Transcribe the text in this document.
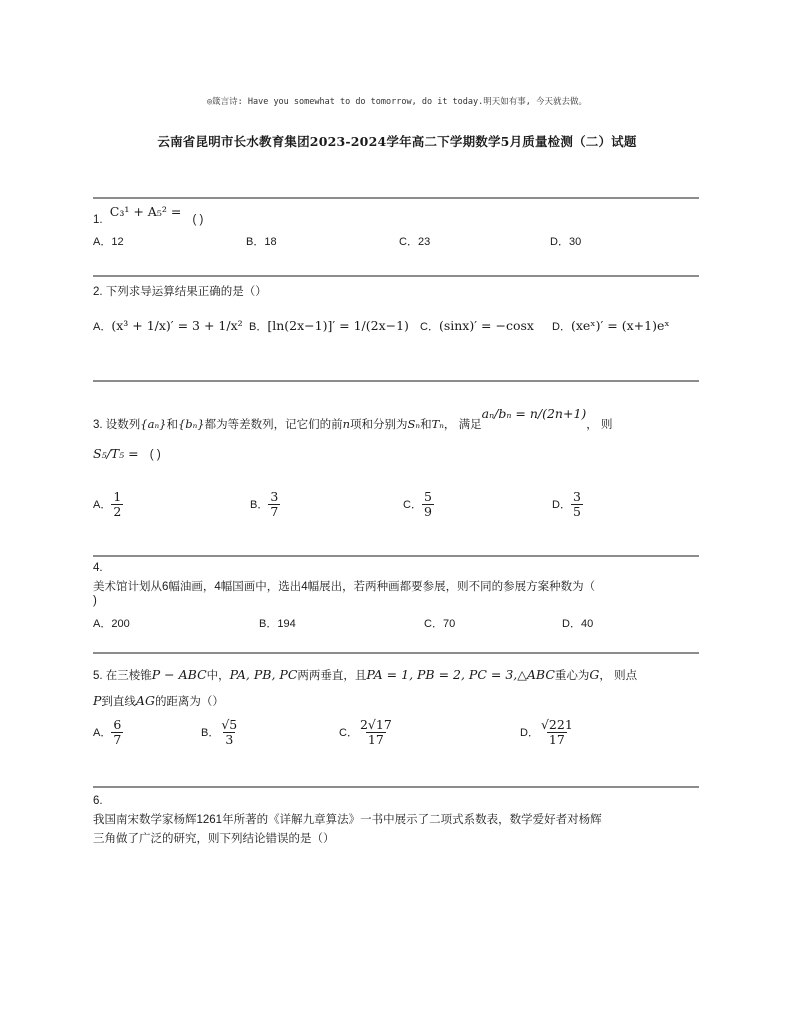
◎箴言诗: Have you somewhat to do tomorrow, do it today.明天如有事, 今天就去做。
云南省昆明市长水教育集团2023-2024学年高二下学期数学5月质量检测（二）试题
1. C₃¹ + A₅² = ( )
A．12	B．18	C．23	D．30
2. 下列求导运算结果正确的是（）
A．(x³ + 1/x)′ = 3 + 1/x² B．[ln(2x−1)]′ = 1/(2x−1) C．(sinx)′ = −cosx D．(xeˣ)′ = (x+1)eˣ
3. 设数列{aₙ}和{bₙ}都为等差数列，记它们的前n项和分别为Sₙ和Tₙ， 满足aₙ/bₙ = n/(2n+1)， 则
S₅/T₅ = ( )
A． $\frac{1}{2}$	B． $\frac{3}{7}$	C． $\frac{5}{9}$	D． $\frac{3}{5}$
4.
美术馆计划从6幅油画，4幅国画中，选出4幅展出，若两种画都要参展，则不同的参展方案种数为（
)
A．200	B．194	C．70	D．40
5. 在三棱锥P − ABC中，PA, PB, PC两两垂直，且PA = 1, PB = 2, PC = 3,△ABC重心为G， 则点
P到直线AG的距离为（）
A． $\frac{6}{7}$	B． $\frac{√5}{3}$	C． $\frac{2√17}{17}$	D． $\frac{√221}{17}$
6.
我国南宋数学家杨辉1261年所著的《详解九章算法》一书中展示了二项式系数表，数学爱好者对杨辉
三角做了广泛的研究，则下列结论错误的是（）
